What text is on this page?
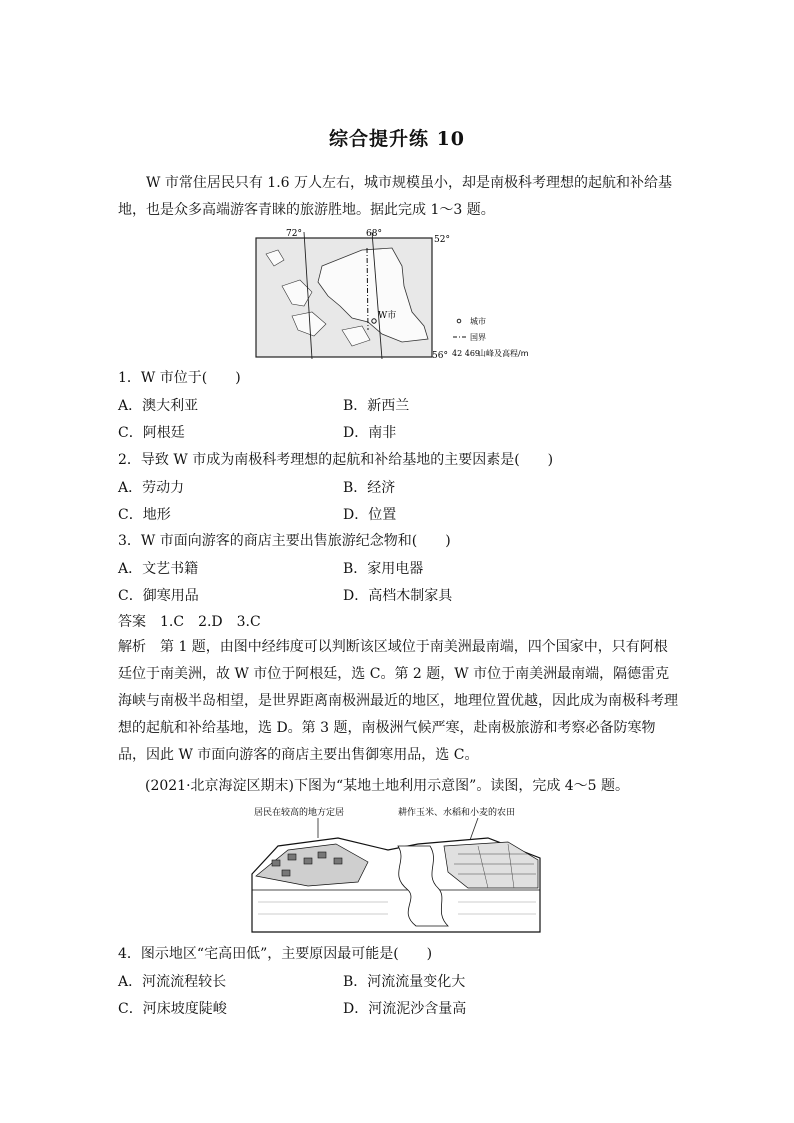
综合提升练 10

W 市常住居民只有 1.6 万人左右，城市规模虽小，却是南极科考理想的起航和补给基地，也是众多高端游客青睐的旅游胜地。据此完成 1～3 题。

W市
72°	68°
52°
56°
城市
国界
42 469
山峰及高程/m
1．W 市位于(　　)
A．澳大利亚	B．新西兰
C．阿根廷	D．南非
2．导致 W 市成为南极科考理想的起航和补给基地的主要因素是(　　)
A．劳动力	B．经济
C．地形	D．位置
3．W 市面向游客的商店主要出售旅游纪念物和(　　)
A．文艺书籍	B．家用电器
C．御寒用品	D．高档木制家具
答案　1.C　2.D　3.C

解析　第 1 题，由图中经纬度可以判断该区域位于南美洲最南端，四个国家中，只有阿根廷位于南美洲，故 W 市位于阿根廷，选 C。第 2 题，W 市位于南美洲最南端，隔德雷克海峡与南极半岛相望，是世界距离南极洲最近的地区，地理位置优越，因此成为南极科考理想的起航和补给基地，选 D。第 3 题，南极洲气候严寒，赴南极旅游和考察必备防寒物品，因此 W 市面向游客的商店主要出售御寒用品，选 C。

(2021·北京海淀区期末)下图为“某地土地利用示意图”。读图，完成 4～5 题。
居民在较高的地方定居	耕作玉米、水稻和小麦的农田
4．图示地区“宅高田低”，主要原因最可能是(　　)
A．河流流程较长	B．河流流量变化大
C．河床坡度陡峻	D．河流泥沙含量高
